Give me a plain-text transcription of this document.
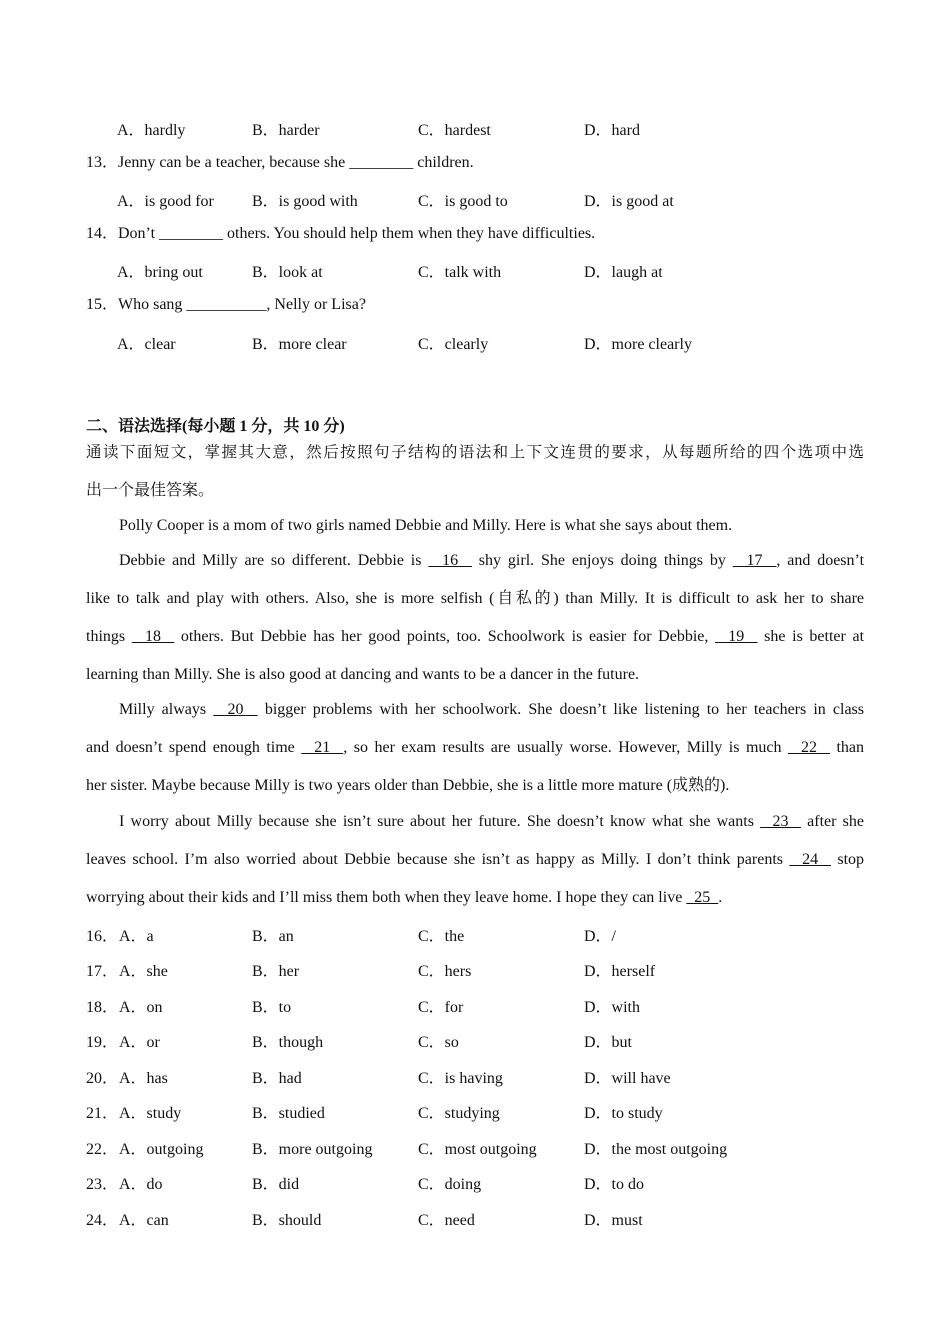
A．hardly	B．harder	C．hardest	D．hard
13．Jenny can be a teacher, because she ________ children.
A．is good for B．is good with	C．is good to	D．is good at
14．Don’t ________ others. You should help them when they have difficulties.
A．bring out	B．look at	C．talk with	D．laugh at
15．Who sang __________, Nelly or Lisa?
A．clear	B．more clear	C．clearly	D．more clearly
二、语法选择(每小题 1 分，共 10 分)
通读下面短文，掌握其大意，然后按照句子结构的语法和上下文连贯的要求，从每题所给的四个选项中选
出一个最佳答案。
Polly Cooper is a mom of two girls named Debbie and Milly. Here is what she says about them.
Debbie and Milly are so different. Debbie is   16   shy girl. She enjoys doing things by   17  , and doesn’t
like to talk and play with others. Also, she is more selfish (自私的) than Milly. It is difficult to ask her to share
things   18   others. But Debbie has her good points, too. Schoolwork is easier for Debbie,   19   she is better at
learning than Milly. She is also good at dancing and wants to be a dancer in the future.
Milly always   20   bigger problems with her schoolwork. She doesn’t like listening to her teachers in class
and doesn’t spend enough time   21  , so her exam results are usually worse. However, Milly is much   22   than
her sister. Maybe because Milly is two years older than Debbie, she is a little more mature (成熟的).
I worry about Milly because she isn’t sure about her future. She doesn’t know what she wants   23   after she
leaves school. I’m also worried about Debbie because she isn’t as happy as Milly. I don’t think parents   24   stop
worrying about their kids and I’ll miss them both when they leave home. I hope they can live   25  .
16． A．a	B．an	C．the	D．/
17． A．she	B．her	C．hers	D．herself
18． A．on	B．to	C．for	D．with
19． A．or	B．though	C．so	D．but
20． A．has	B．had	C．is having	D．will have
21． A．study	B．studied	C．studying	D．to study
22． A．outgoing	B．more outgoing	C．most outgoing	D．the most outgoing
23． A．do	B．did	C．doing	D．to do
24． A．can	B．should	C．need	D．must
